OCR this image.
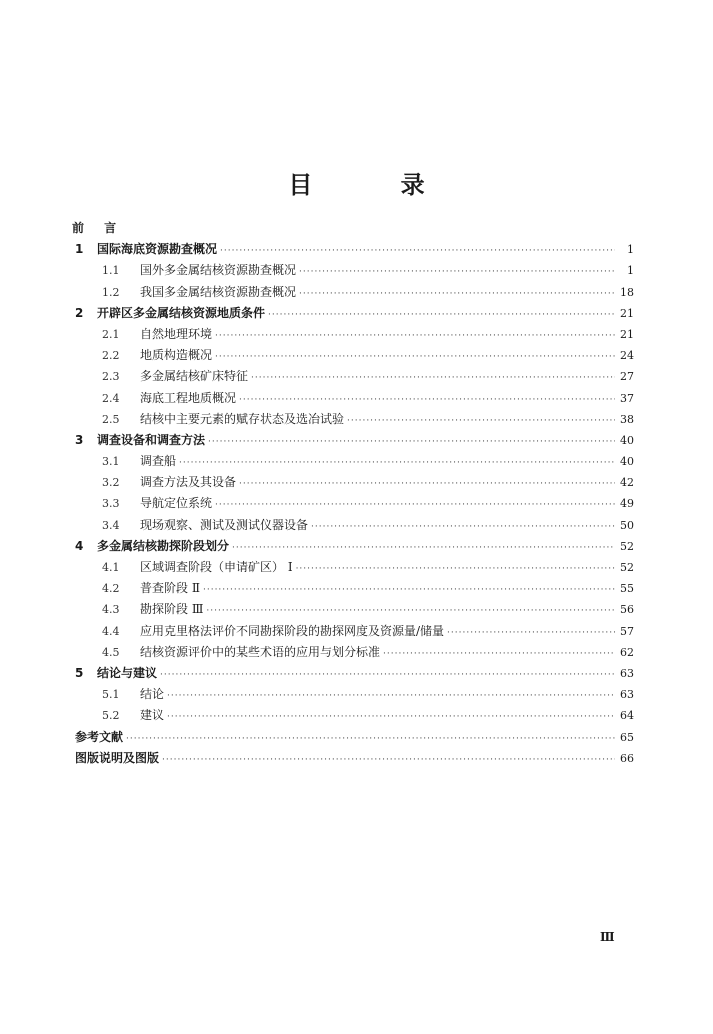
目 录
前 言
1	国际海底资源勘查概况 ·····	1
1.1	国外多金属结核资源勘查概况 ·····	1
1.2	我国多金属结核资源勘查概况 ·····	18
2	开辟区多金属结核资源地质条件 ·····	21
2.1	自然地理环境 ·····	21
2.2	地质构造概况 ·····	24
2.3	多金属结核矿床特征 ·····	27
2.4	海底工程地质概况 ·····	37
2.5	结核中主要元素的赋存状态及选冶试验 ·····	38
3	调查设备和调查方法 ·····	40
3.1	调查船 ·····	40
3.2	调查方法及其设备 ·····	42
3.3	导航定位系统 ·····	49
3.4	现场观察、测试及测试仪器设备 ·····	50
4	多金属结核勘探阶段划分 ·····	52
4.1	区域调查阶段（申请矿区） I ·····	52
4.2	普查阶段 Ⅱ ·····	55
4.3	勘探阶段 Ⅲ ·····	56
4.4	应用克里格法评价不同勘探阶段的勘探网度及资源量/储量 ·····	57
4.5	结核资源评价中的某些术语的应用与划分标准 ·····	62
5	结论与建议 ·····	63
5.1	结论 ·····	63
5.2	建议 ·····	64
参考文献 ·····	65
图版说明及图版 ·····	66
Ⅲ
